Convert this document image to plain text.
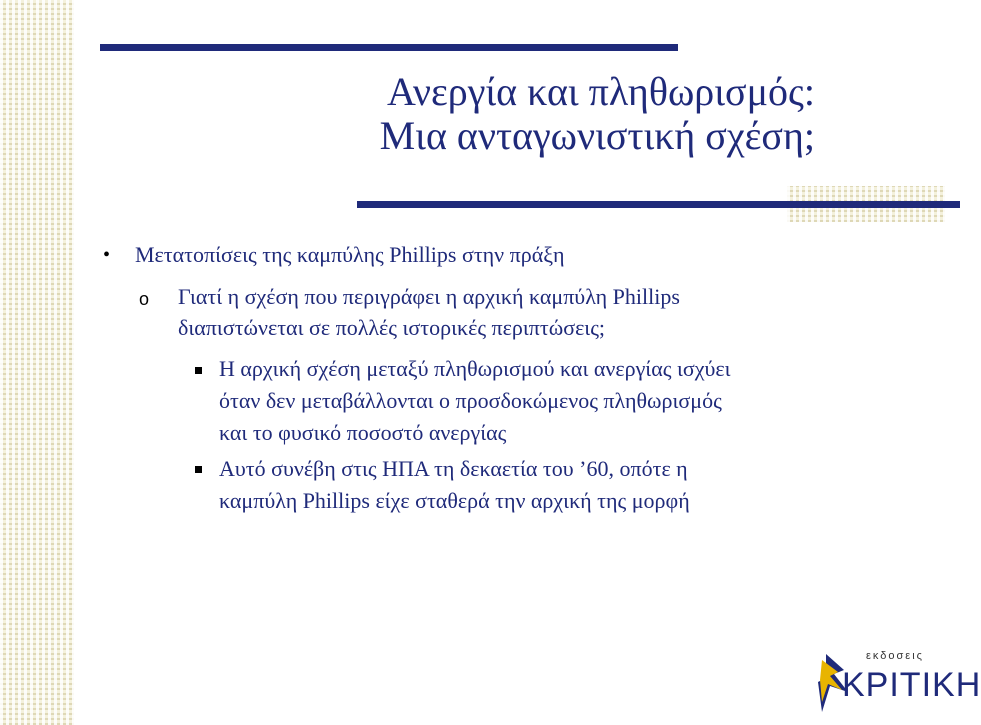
Ανεργία και πληθωρισμός:
Μια ανταγωνιστική σχέση;
• Μετατοπίσεις της καμπύλης Phillips στην πράξη
o Γιατί η σχέση που περιγράφει η αρχική καμπύλη Phillips
διαπιστώνεται σε πολλές ιστορικές περιπτώσεις;
Η αρχική σχέση μεταξύ πληθωρισμού και ανεργίας ισχύει
όταν δεν μεταβάλλονται ο προσδοκώμενος πληθωρισμός
και το φυσικό ποσοστό ανεργίας
Αυτό συνέβη στις ΗΠΑ τη δεκαετία του ’60, οπότε η
καμπύλη Phillips είχε σταθερά την αρχική της μορφή
εκδοσεις
ΚΡΙΤΙΚΗ
